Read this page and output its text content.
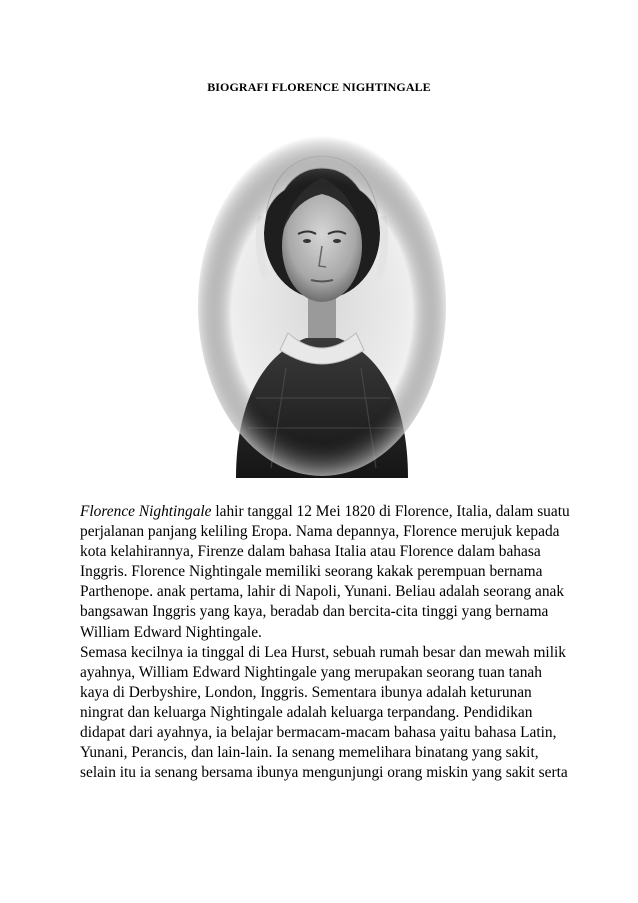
BIOGRAFI FLORENCE NIGHTINGALE

Florence Nightingale lahir tanggal 12 Mei 1820 di Florence, Italia, dalam suatu perjalanan panjang keliling Eropa. Nama depannya, Florence merujuk kepada kota kelahirannya, Firenze dalam bahasa Italia atau Florence dalam bahasa Inggris. Florence Nightingale memiliki seorang kakak perempuan bernama Parthenope. anak pertama, lahir di Napoli, Yunani. Beliau adalah seorang anak bangsawan Inggris yang kaya, beradab dan bercita-cita tinggi yang bernama William Edward Nightingale.

Semasa kecilnya ia tinggal di Lea Hurst, sebuah rumah besar dan mewah milik ayahnya, William Edward Nightingale yang merupakan seorang tuan tanah kaya di Derbyshire, London, Inggris. Sementara ibunya adalah keturunan ningrat dan keluarga Nightingale adalah keluarga terpandang. Pendidikan didapat dari ayahnya, ia belajar bermacam-macam bahasa yaitu bahasa Latin, Yunani, Perancis, dan lain-lain. Ia senang memelihara binatang yang sakit, selain itu ia senang bersama ibunya mengunjungi orang miskin yang sakit serta
